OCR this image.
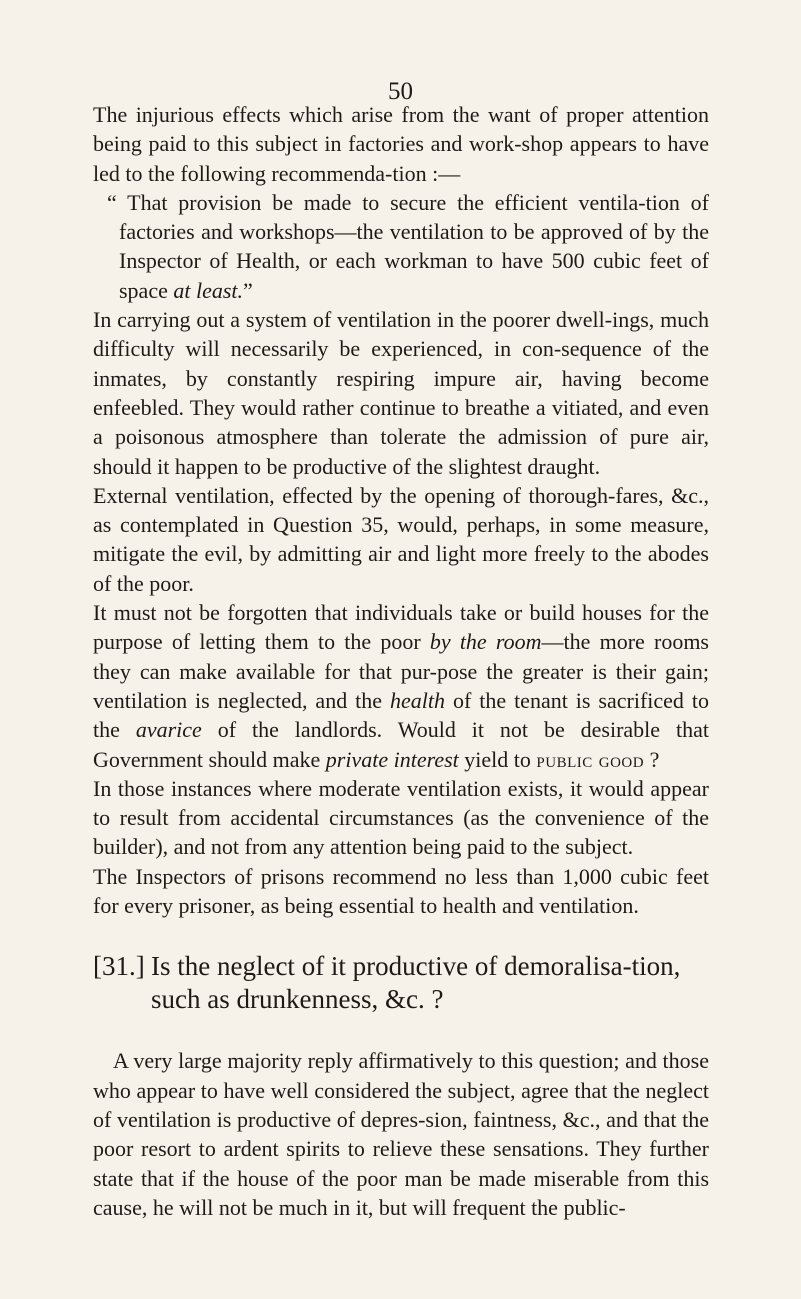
50

The injurious effects which arise from the want of proper attention being paid to this subject in factories and work-shop appears to have led to the following recommenda-tion :—

“ That provision be made to secure the efficient ventila-tion of factories and workshops—the ventilation to be approved of by the Inspector of Health, or each workman to have 500 cubic feet of space at least.”

In carrying out a system of ventilation in the poorer dwell-ings, much difficulty will necessarily be experienced, in con-sequence of the inmates, by constantly respiring impure air, having become enfeebled. They would rather continue to breathe a vitiated, and even a poisonous atmosphere than tolerate the admission of pure air, should it happen to be productive of the slightest draught.

External ventilation, effected by the opening of thorough-fares, &c., as contemplated in Question 35, would, perhaps, in some measure, mitigate the evil, by admitting air and light more freely to the abodes of the poor.

It must not be forgotten that individuals take or build houses for the purpose of letting them to the poor by the room—the more rooms they can make available for that pur-pose the greater is their gain; ventilation is neglected, and the health of the tenant is sacrificed to the avarice of the landlords. Would it not be desirable that Government should make private interest yield to public good ?

In those instances where moderate ventilation exists, it would appear to result from accidental circumstances (as the convenience of the builder), and not from any attention being paid to the subject.

The Inspectors of prisons recommend no less than 1,000 cubic feet for every prisoner, as being essential to health and ventilation.

[31.] Is the neglect of it productive of demoralisa-tion, such as drunkenness, &c. ?

A very large majority reply affirmatively to this question; and those who appear to have well considered the subject, agree that the neglect of ventilation is productive of depres-sion, faintness, &c., and that the poor resort to ardent spirits to relieve these sensations. They further state that if the house of the poor man be made miserable from this cause, he will not be much in it, but will frequent the public-
